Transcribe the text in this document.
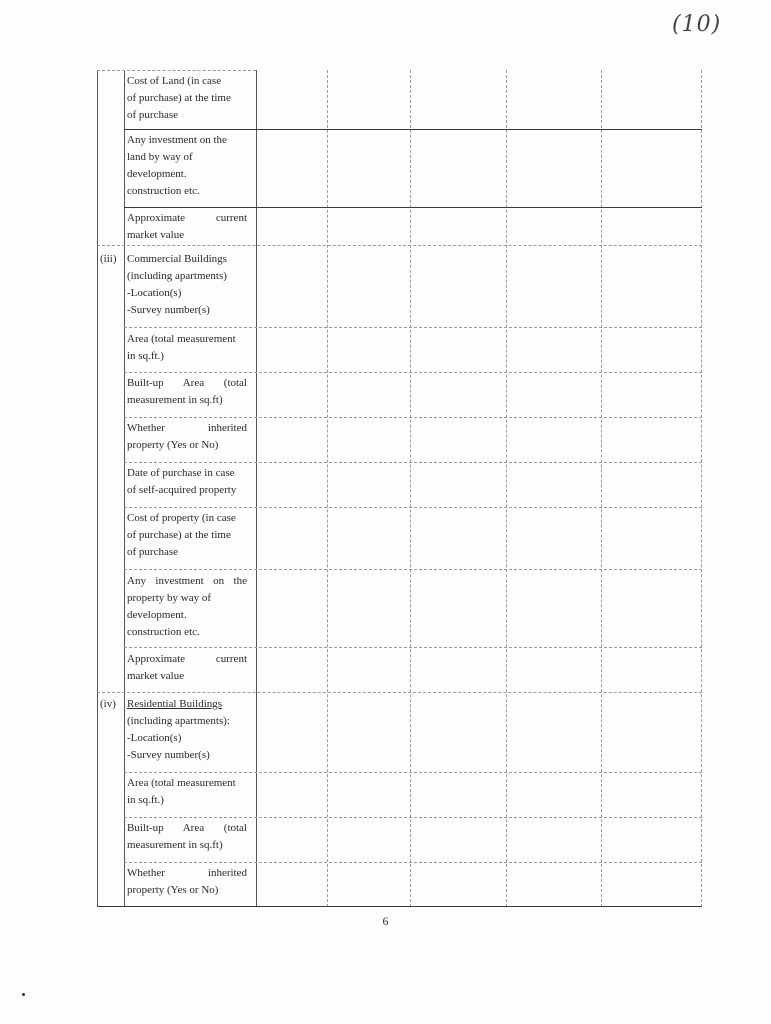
(10)
Cost of Land (in case
of purchase) at the time
of purchase
Any investment on the
land by way of
development.
construction etc.
Approximate current
market value
(iii) Commercial Buildings
(including apartments)
-Location(s)
-Survey number(s)
Area (total measurement
in sq.ft.)
Built-up Area (total
measurement in sq.ft)
Whether inherited
property (Yes or No)
Date of purchase in case
of self-acquired property
Cost of property (in case
of purchase) at the time
of purchase
Any investment on the
property by way of
development.
construction etc.
Approximate current
market value
(iv)	Residential Buildings
(including apartments):
-Location(s)
-Survey number(s)
Area (total measurement
in sq.ft.)
Built-up Area (total
measurement in sq.ft)
Whether inherited
property (Yes or No)
6
